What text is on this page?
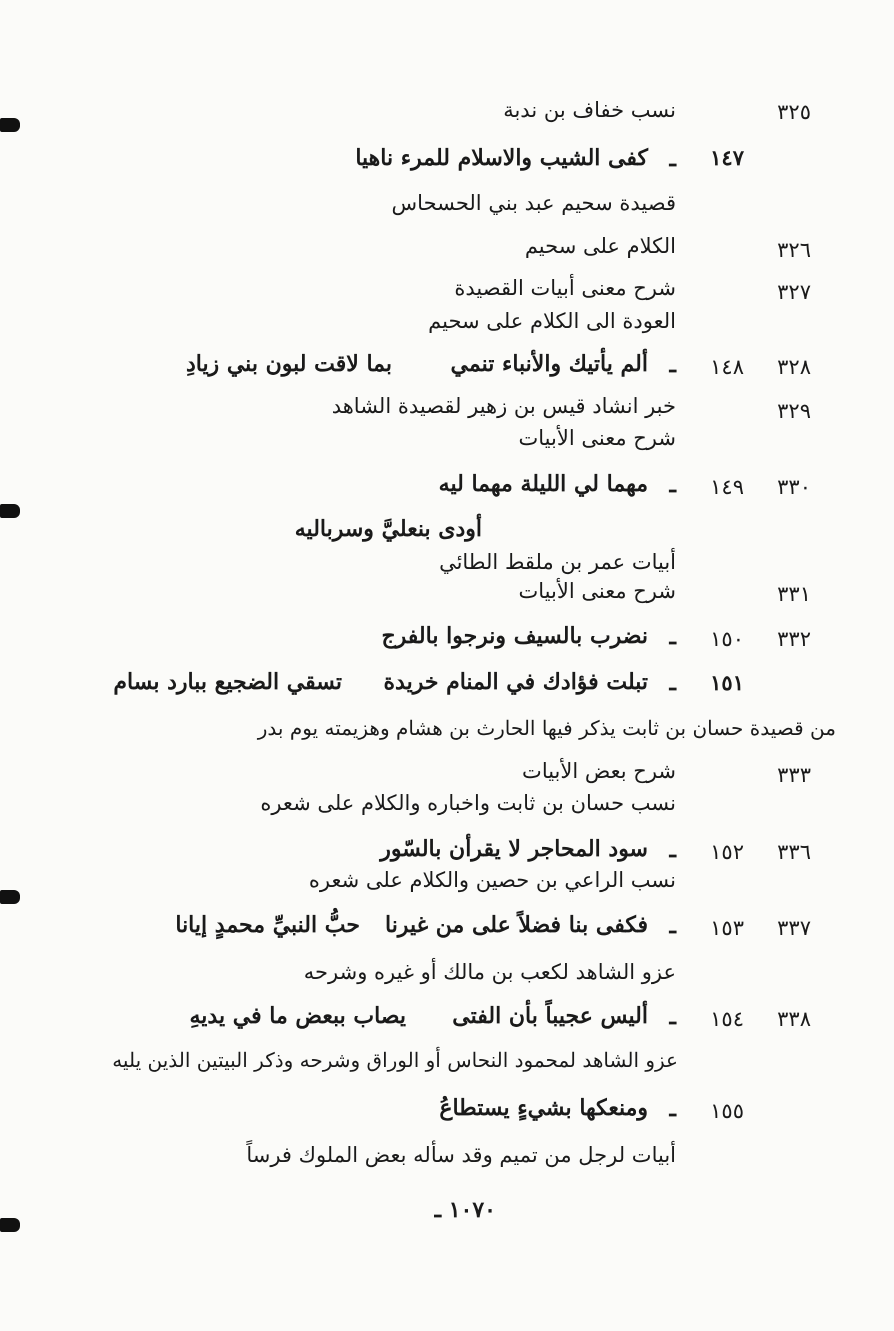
٣٢٥
نسب خفاف بن ندبة
١٤٧
ـ
كفى الشيب والاسلام للمرء ناهيا
قصيدة سحيم عبد بني الحسحاس
٣٢٦
الكلام على سحيم
٣٢٧
شرح معنى أبيات القصيدة
العودة الى الكلام على سحيم
٣٢٨
١٤٨
ـ
ألم يأتيك والأنباء تنمي
بما لاقت لبون بني زيادِ
٣٢٩
خبر انشاد قيس بن زهير لقصيدة الشاهد
شرح معنى الأبيات
٣٣٠
١٤٩
ـ
مهما لي الليلة مهما ليه
أودى بنعليَّ وسرباليه
أبيات عمر بن ملقط الطائي
٣٣١
شرح معنى الأبيات
٣٣٢
١٥٠
ـ
نضرب بالسيف ونرجوا بالفرج
١٥١
ـ
تبلت فؤادك في المنام خريدة
تسقي الضجيع ببارد بسام
من قصيدة حسان بن ثابت يذكر فيها الحارث بن هشام وهزيمته يوم بدر
٣٣٣
شرح بعض الأبيات
نسب حسان بن ثابت واخباره والكلام على شعره
٣٣٦
١٥٢
ـ
سود المحاجر لا يقرأن بالسّور
نسب الراعي بن حصين والكلام على شعره
٣٣٧
١٥٣
ـ
فكفى بنا فضلاً على من غيرنا
حبُّ النبيِّ محمدٍ إيانا
عزو الشاهد لكعب بن مالك أو غيره وشرحه
٣٣٨
١٥٤
ـ
أليس عجيباً بأن الفتى
يصاب ببعض ما في يديهِ
عزو الشاهد لمحمود النحاس أو الوراق وشرحه وذكر البيتين الذين يليه
١٥٥
ـ
ومنعكها بشيءٍ يستطاعُ
أبيات لرجل من تميم وقد سأله بعض الملوك فرساً
١٠٧٠ ـ
